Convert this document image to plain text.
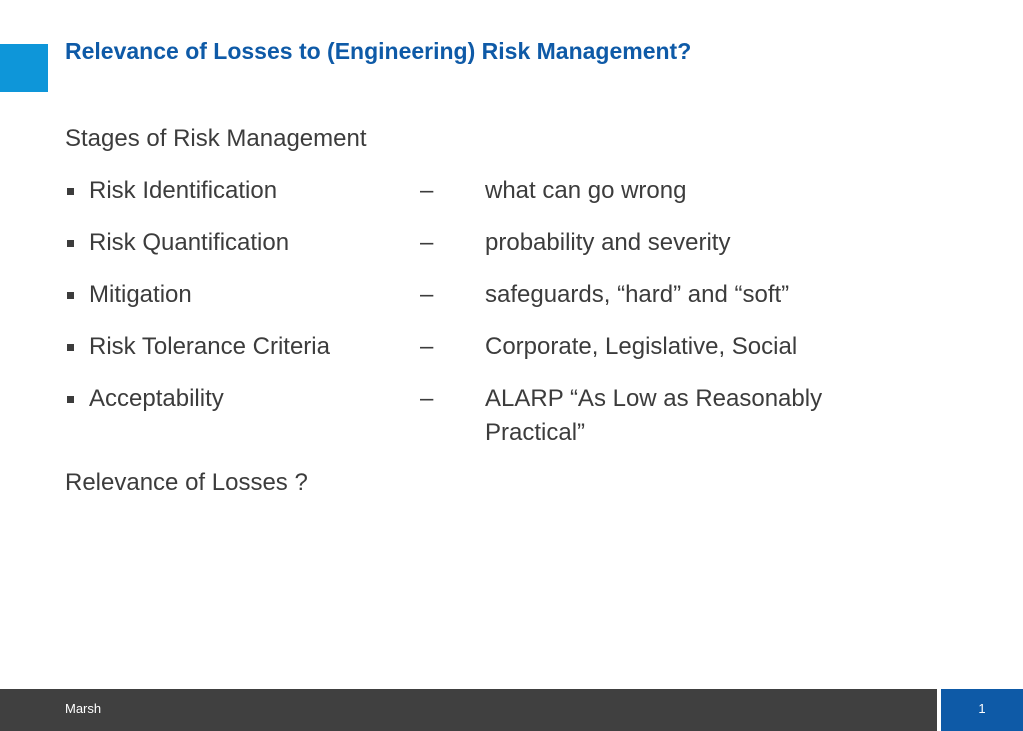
Relevance of Losses to (Engineering) Risk Management?
Stages of Risk Management
Risk Identification	– what can go wrong
Risk Quantification	– probability and severity
Mitigation	– safeguards, “hard” and “soft”
Risk Tolerance Criteria	– Corporate, Legislative, Social
Acceptability	– ALARP “As Low as Reasonably Practical”
Relevance of Losses ?
Marsh	1
